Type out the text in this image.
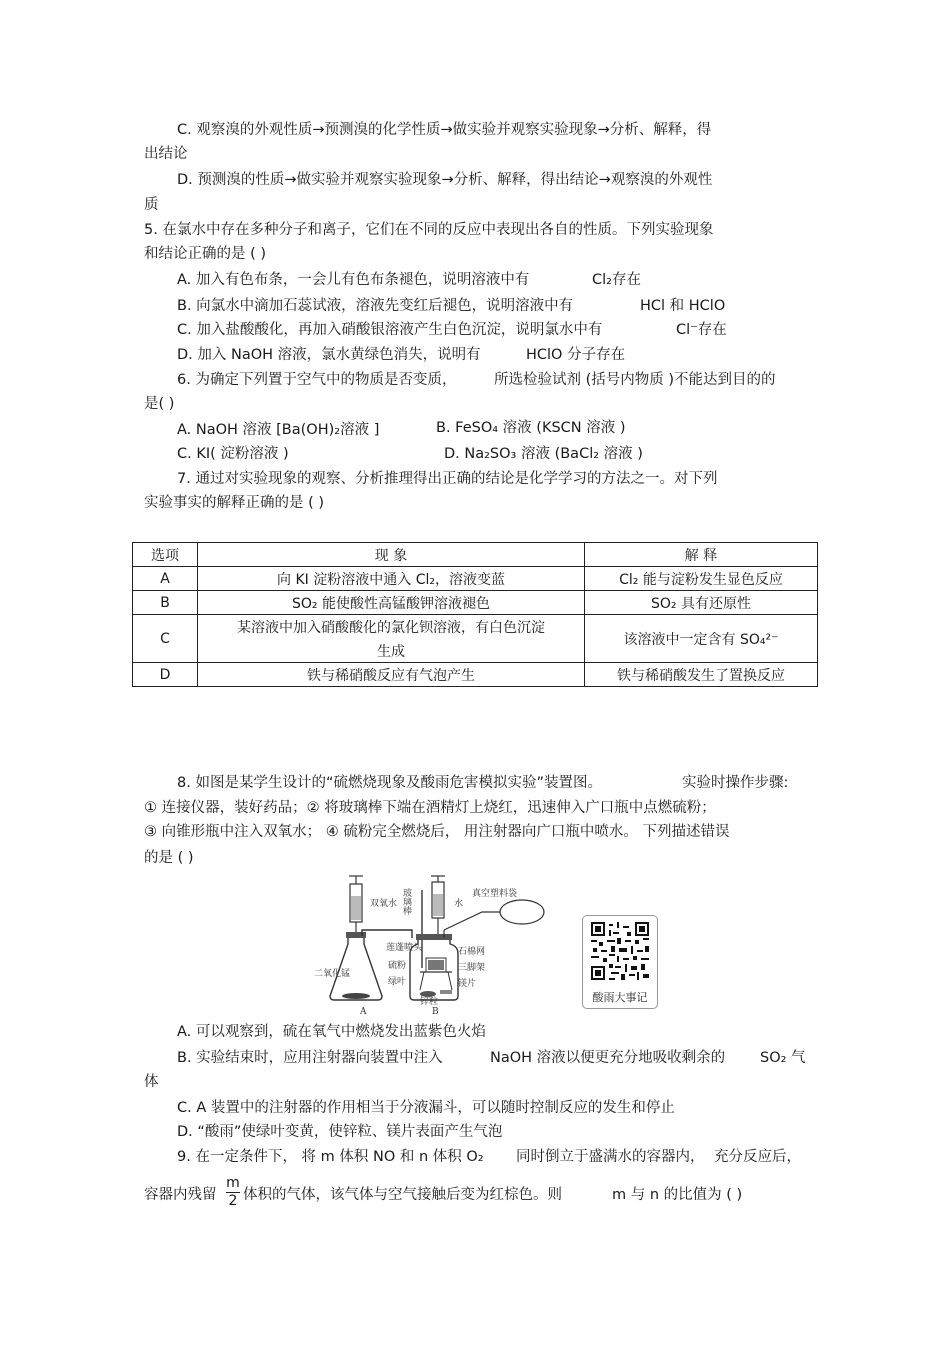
C. 观察溴的外观性质→预测溴的化学性质→做实验并观察实验现象→分析、解释，得
出结论
D. 预测溴的性质→做实验并观察实验现象→分析、解释，得出结论→观察溴的外观性
质
5. 在氯水中存在多种分子和离子，它们在不同的反应中表现出各自的性质。下列实验现象
和结论正确的是 ( )
A. 加入有色布条，一会儿有色布条褪色，说明溶液中有	Cl₂存在
B. 向氯水中滴加石蕊试液，溶液先变红后褪色，说明溶液中有	HCl 和 HClO
C. 加入盐酸酸化，再加入硝酸银溶液产生白色沉淀，说明氯水中有	Cl⁻存在
D. 加入 NaOH 溶液，氯水黄绿色消失，说明有	HClO 分子存在
6. 为确定下列置于空气中的物质是否变质，	所选检验试剂 (括号内物质 )不能达到目的的
是( )
A. NaOH 溶液 [Ba(OH)₂溶液 ]	B. FeSO₄ 溶液 (KSCN 溶液 )
C. KI( 淀粉溶液 )	D. Na₂SO₃ 溶液 (BaCl₂ 溶液 )
7. 通过对实验现象的观察、分析推理得出正确的结论是化学学习的方法之一。对下列
实验事实的解释正确的是 ( )
选项	现 象	解 释
A	向 KI 淀粉溶液中通入 Cl₂，溶液变蓝	Cl₂ 能与淀粉发生显色反应
B	SO₂ 能使酸性高锰酸钾溶液褪色	SO₂ 具有还原性
C	某溶液中加入硝酸酸化的氯化钡溶液，有白色沉淀
生成	该溶液中一定含有 SO₄²⁻
D	铁与稀硝酸反应有气泡产生	铁与稀硝酸发生了置换反应
8. 如图是某学生设计的“硫燃烧现象及酸雨危害模拟实验”装置图。	实验时操作步骤:
① 连接仪器，装好药品；② 将玻璃棒下端在酒精灯上烧红，迅速伸入广口瓶中点燃硫粉；
③ 向锥形瓶中注入双氧水； ④ 硫粉完全燃烧后， 用注射器向广口瓶中喷水。 下列描述错误
的是 ( )
双氧水 玻璃棒	水
真空塑料袋
莲蓬喷头	石棉网
硫粉	三脚架
绿叶	镁片
二氧化锰
锌粒
A	B
酸雨大事记
A. 可以观察到，硫在氧气中燃烧发出蓝紫色火焰
B. 实验结束时，应用注射器向装置中注入	NaOH 溶液以便更充分地吸收剩余的 SO₂ 气
体
C. A 装置中的注射器的作用相当于分液漏斗，可以随时控制反应的发生和停止
D. “酸雨”使绿叶变黄，使锌粒、镁片表面产生气泡
9. 在一定条件下， 将 m 体积 NO 和 n 体积 O₂ 同时倒立于盛满水的容器内， 充分反应后，
容器内残留
m
2 体积的气体，该气体与空气接触后变为红棕色。则	m 与 n 的比值为 ( )
